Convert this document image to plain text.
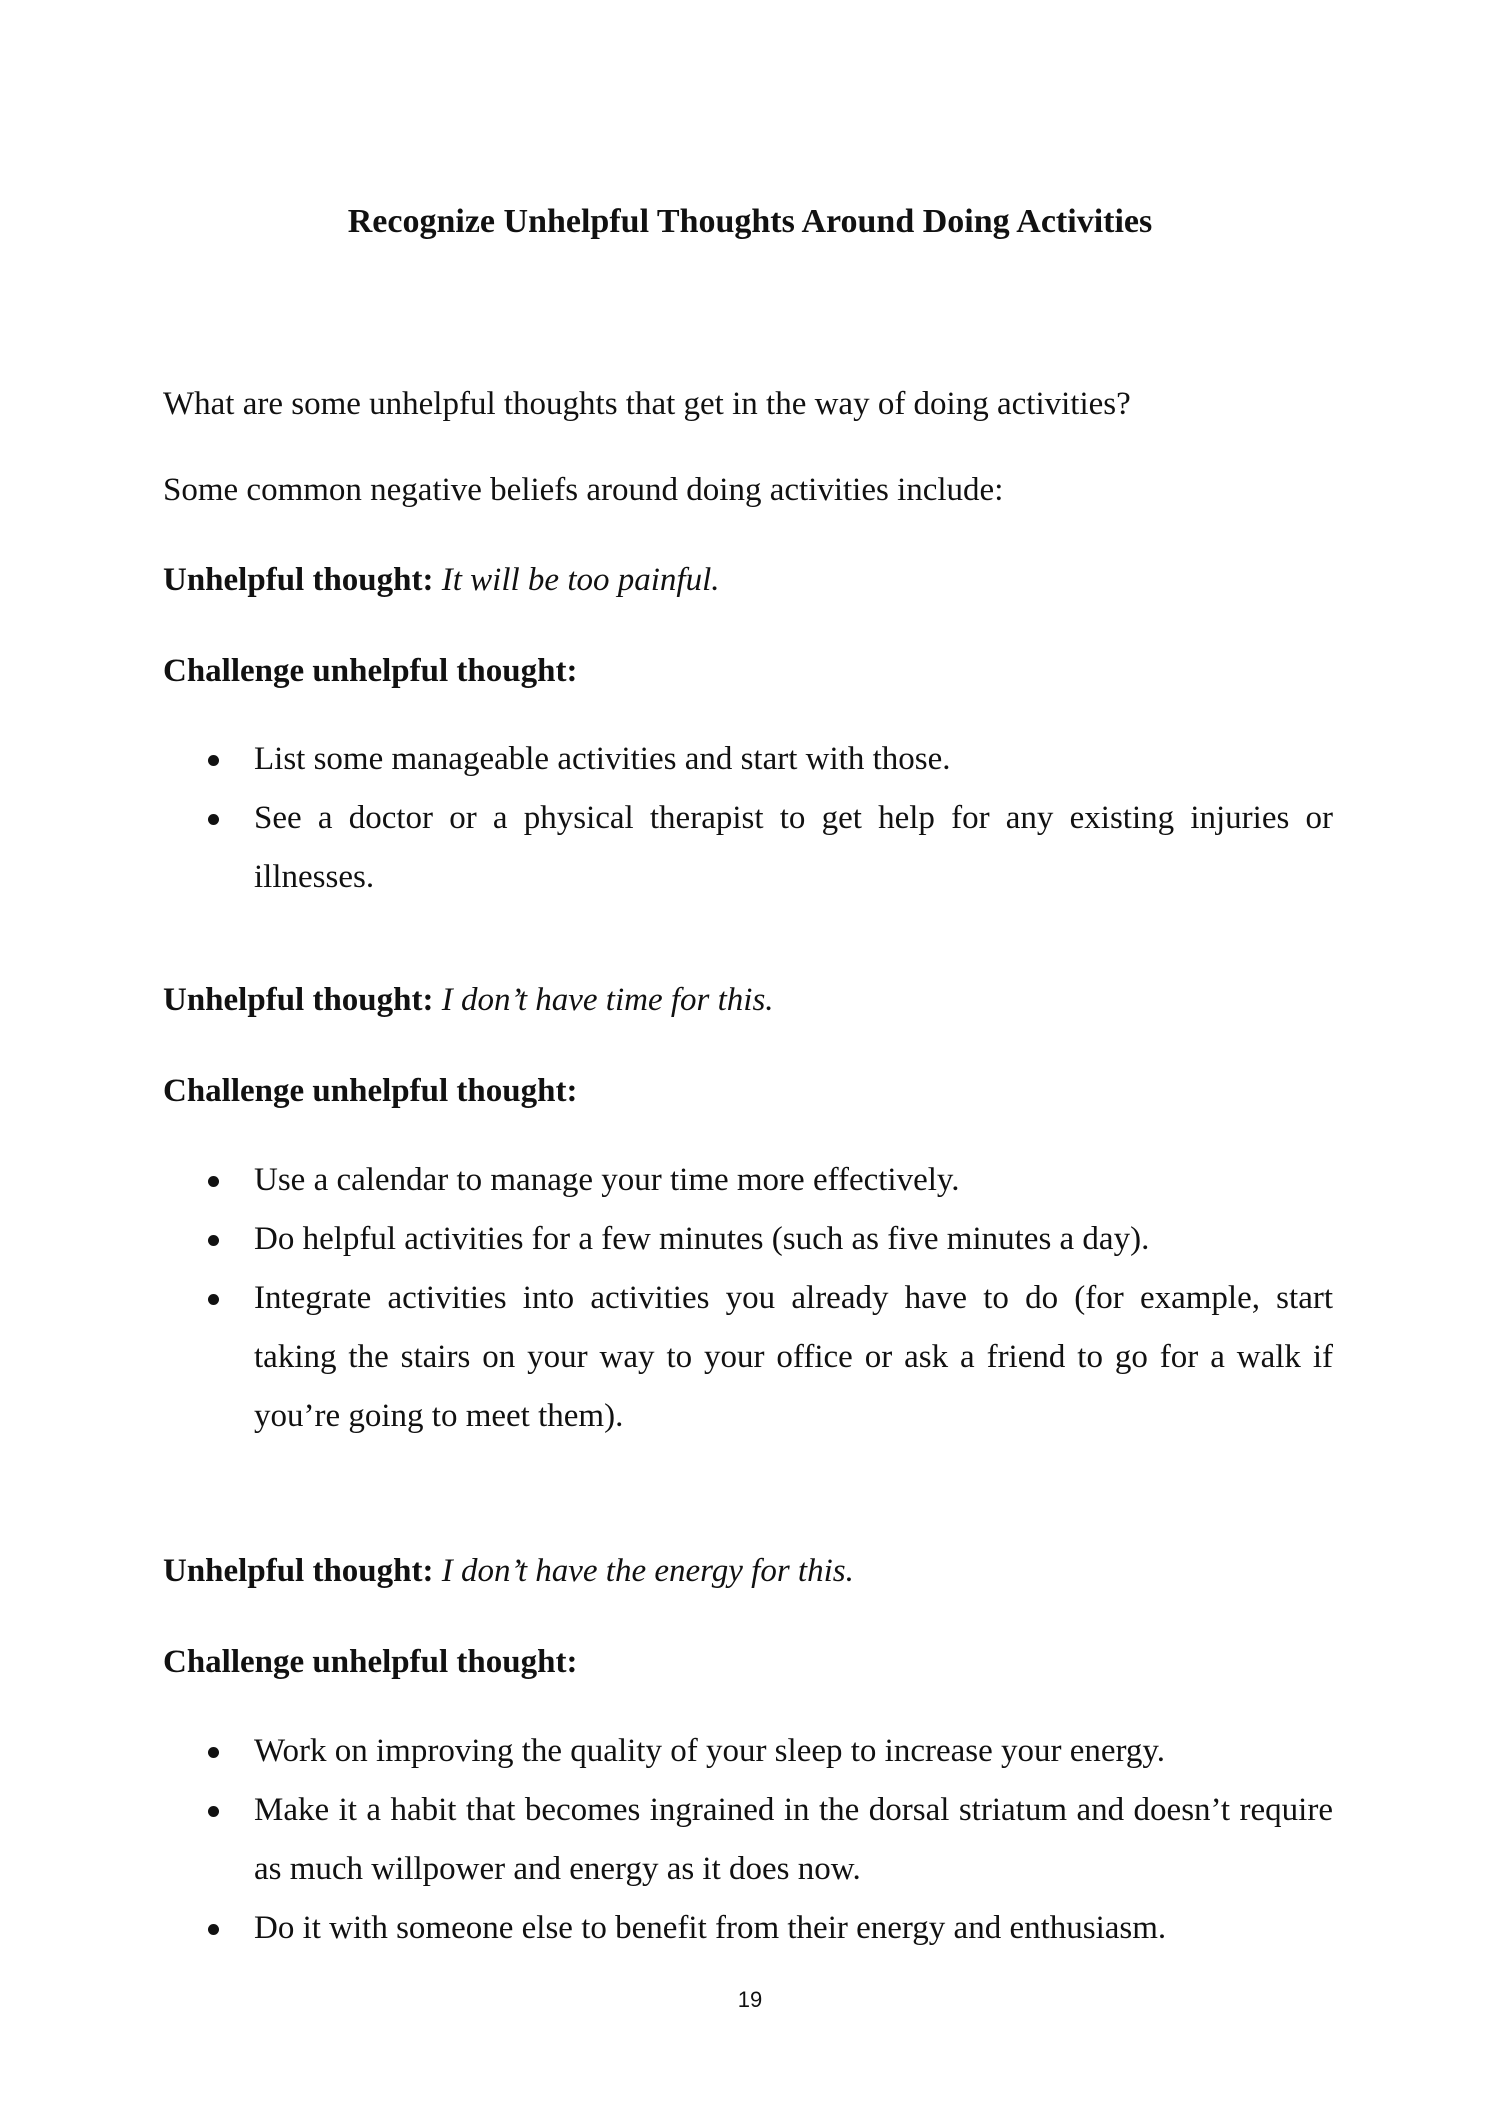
Recognize Unhelpful Thoughts Around Doing Activities

What are some unhelpful thoughts that get in the way of doing activities?

Some common negative beliefs around doing activities include:

Unhelpful thought: It will be too painful.

Challenge unhelpful thought:

List some manageable activities and start with those.
See a doctor or a physical therapist to get help for any existing injuries or illnesses.

Unhelpful thought: I don’t have time for this.

Challenge unhelpful thought:

Use a calendar to manage your time more effectively.
Do helpful activities for a few minutes (such as five minutes a day).
Integrate activities into activities you already have to do (for example, start taking the stairs on your way to your office or ask a friend to go for a walk if you’re going to meet them).

Unhelpful thought: I don’t have the energy for this.

Challenge unhelpful thought:

Work on improving the quality of your sleep to increase your energy.
Make it a habit that becomes ingrained in the dorsal striatum and doesn’t require as much willpower and energy as it does now.
Do it with someone else to benefit from their energy and enthusiasm.
19
